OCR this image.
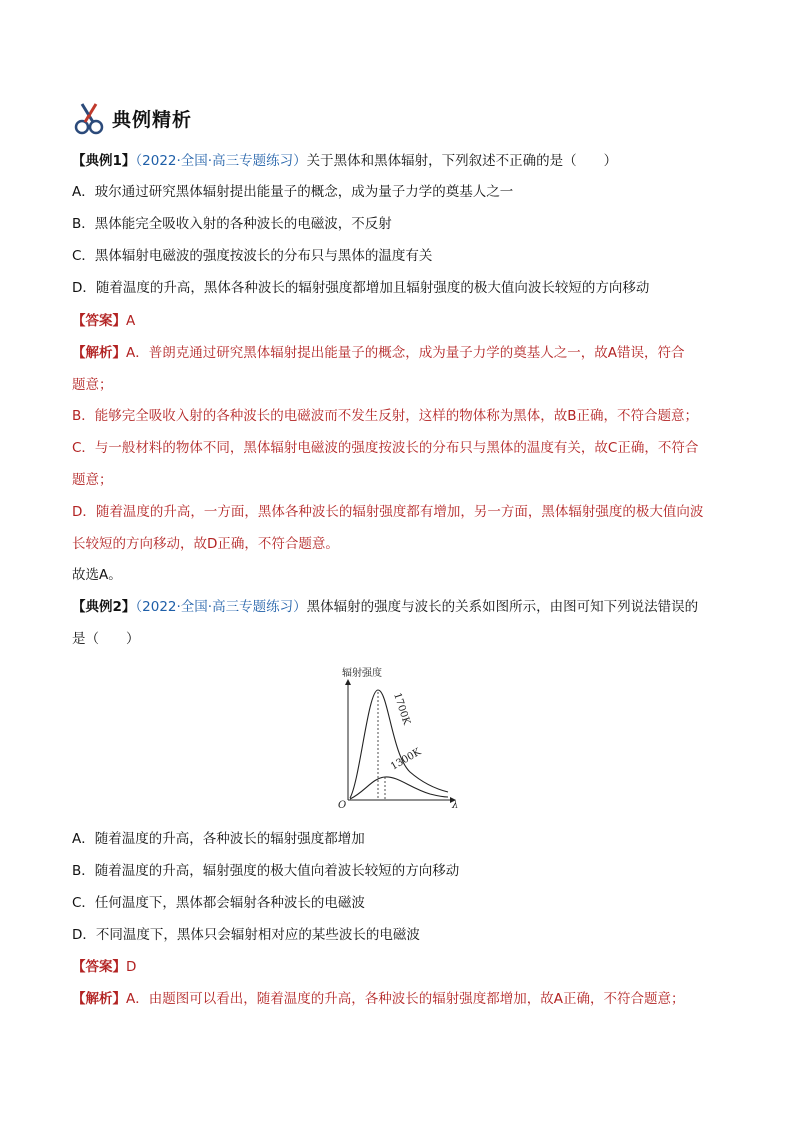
典例精析
【典例1】（2022·全国·高三专题练习）关于黑体和黑体辐射，下列叙述不正确的是（　　）
A．玻尔通过研究黑体辐射提出能量子的概念，成为量子力学的奠基人之一
B．黑体能完全吸收入射的各种波长的电磁波，不反射
C．黑体辐射电磁波的强度按波长的分布只与黑体的温度有关
D．随着温度的升高，黑体各种波长的辐射强度都增加且辐射强度的极大值向波长较短的方向移动
【答案】A
【解析】A．普朗克通过研究黑体辐射提出能量子的概念，成为量子力学的奠基人之一，故A错误，符合
题意；
B．能够完全吸收入射的各种波长的电磁波而不发生反射，这样的物体称为黑体，故B正确，不符合题意；
C．与一般材料的物体不同，黑体辐射电磁波的强度按波长的分布只与黑体的温度有关，故C正确，不符合
题意；
D．随着温度的升高，一方面，黑体各种波长的辐射强度都有增加，另一方面，黑体辐射强度的极大值向波
长较短的方向移动，故D正确，不符合题意。
故选A。
【典例2】（2022·全国·高三专题练习）黑体辐射的强度与波长的关系如图所示，由图可知下列说法错误的
是（　　）
辐射强度
λ
O
1700K
1300K
A．随着温度的升高，各种波长的辐射强度都增加
B．随着温度的升高，辐射强度的极大值向着波长较短的方向移动
C．任何温度下，黑体都会辐射各种波长的电磁波
D．不同温度下，黑体只会辐射相对应的某些波长的电磁波
【答案】D
【解析】A．由题图可以看出，随着温度的升高，各种波长的辐射强度都增加，故A正确，不符合题意；
